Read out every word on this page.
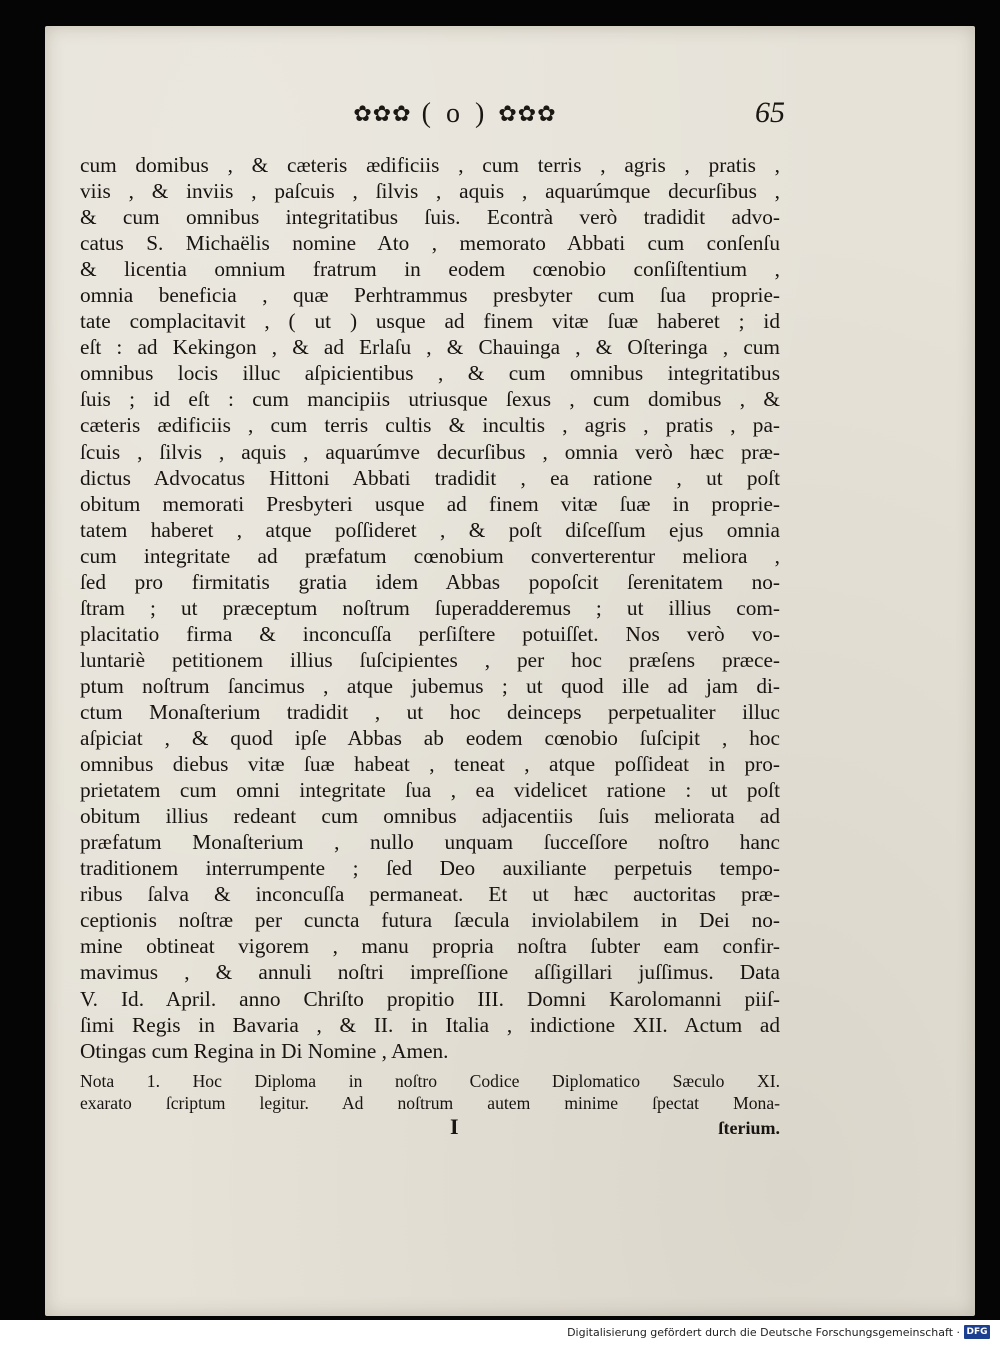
✿✿✿ ( o ) ✿✿✿	65
cum domibus , & cæteris ædificiis , cum terris , agris , pratis ,
viis , & inviis , paſcuis , ſilvis , aquis , aquarúmque decurſibus ,
& cum omnibus integritatibus ſuis. Econtrà verò tradidit advo-
catus S. Michaëlis nomine Ato , memorato Abbati cum conſenſu
& licentia omnium fratrum in eodem cœnobio conſiſtentium ,
omnia beneficia , quæ Perhtrammus presbyter cum ſua proprie-
tate complacitavit , ( ut ) usque ad finem vitæ ſuæ haberet ; id
eſt : ad Kekingon , & ad Erlaſu , & Chauinga , & Oſteringa , cum
omnibus locis illuc aſpicientibus , & cum omnibus integritatibus
ſuis ; id eſt : cum mancipiis utriusque ſexus , cum domibus , &
cæteris ædificiis , cum terris cultis & incultis , agris , pratis , pa-
ſcuis , ſilvis , aquis , aquarúmve decurſibus , omnia verò hæc præ-
dictus Advocatus Hittoni Abbati tradidit , ea ratione , ut poſt
obitum memorati Presbyteri usque ad finem vitæ ſuæ in proprie-
tatem haberet , atque poſſideret , & poſt diſceſſum ejus omnia
cum integritate ad præfatum cœnobium converterentur meliora ,
ſed pro firmitatis gratia idem Abbas popoſcit ſerenitatem no-
ſtram ; ut præceptum noſtrum ſuperadderemus ; ut illius com-
placitatio firma & inconcuſſa perſiſtere potuiſſet. Nos verò vo-
luntariè petitionem illius ſuſcipientes , per hoc præſens præce-
ptum noſtrum ſancimus , atque jubemus ; ut quod ille ad jam di-
ctum Monaſterium tradidit , ut hoc deinceps perpetualiter illuc
aſpiciat , & quod ipſe Abbas ab eodem cœnobio ſuſcipit , hoc
omnibus diebus vitæ ſuæ habeat , teneat , atque poſſideat in pro-
prietatem cum omni integritate ſua , ea videlicet ratione : ut poſt
obitum illius redeant cum omnibus adjacentiis ſuis meliorata ad
præfatum Monaſterium , nullo unquam ſucceſſore noſtro hanc
traditionem interrumpente ; ſed Deo auxiliante perpetuis tempo-
ribus ſalva & inconcuſſa permaneat. Et ut hæc auctoritas præ-
ceptionis noſtræ per cuncta futura ſæcula inviolabilem in Dei no-
mine obtineat vigorem , manu propria noſtra ſubter eam confir-
mavimus , & annuli noſtri impreſſione aſſigillari juſſimus. Data
V. Id. April. anno Chriſto propitio III. Domni Karolomanni piiſ-
ſimi Regis in Bavaria , & II. in Italia , indictione XII. Actum ad
Otingas cum Regina in Di Nomine , Amen.
Nota 1. Hoc Diploma in noſtro Codice Diplomatico Sæculo XI.
exarato ſcriptum legitur. Ad noſtrum autem minime ſpectat Mona-
I	ſterium.
Digitalisierung gefördert durch die Deutsche Forschungsgemeinschaft · DFG
